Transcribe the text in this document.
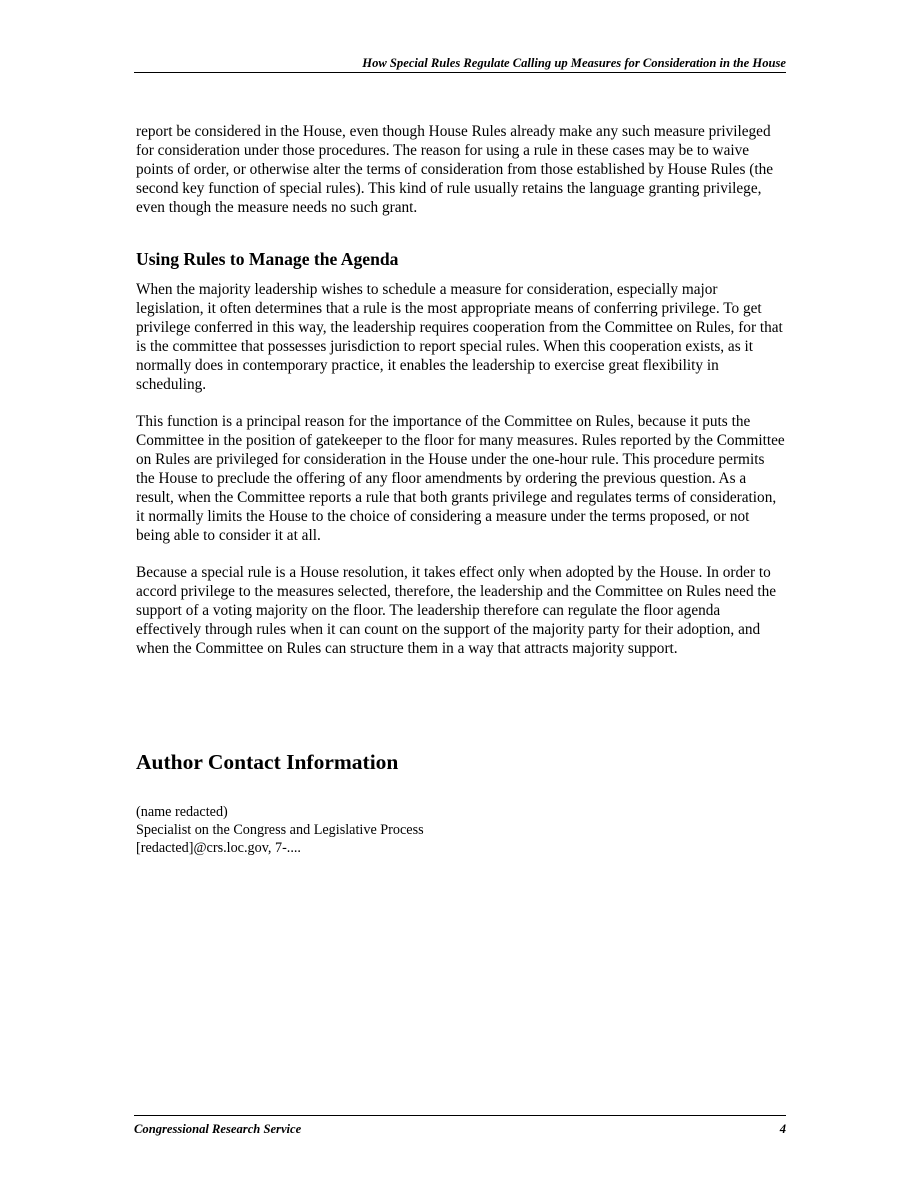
How Special Rules Regulate Calling up Measures for Consideration in the House

report be considered in the House, even though House Rules already make any such measure privileged for consideration under those procedures. The reason for using a rule in these cases may be to waive points of order, or otherwise alter the terms of consideration from those established by House Rules (the second key function of special rules). This kind of rule usually retains the language granting privilege, even though the measure needs no such grant.

Using Rules to Manage the Agenda

When the majority leadership wishes to schedule a measure for consideration, especially major legislation, it often determines that a rule is the most appropriate means of conferring privilege. To get privilege conferred in this way, the leadership requires cooperation from the Committee on Rules, for that is the committee that possesses jurisdiction to report special rules. When this cooperation exists, as it normally does in contemporary practice, it enables the leadership to exercise great flexibility in scheduling.

This function is a principal reason for the importance of the Committee on Rules, because it puts the Committee in the position of gatekeeper to the floor for many measures. Rules reported by the Committee on Rules are privileged for consideration in the House under the one-hour rule. This procedure permits the House to preclude the offering of any floor amendments by ordering the previous question. As a result, when the Committee reports a rule that both grants privilege and regulates terms of consideration, it normally limits the House to the choice of considering a measure under the terms proposed, or not being able to consider it at all.

Because a special rule is a House resolution, it takes effect only when adopted by the House. In order to accord privilege to the measures selected, therefore, the leadership and the Committee on Rules need the support of a voting majority on the floor. The leadership therefore can regulate the floor agenda effectively through rules when it can count on the support of the majority party for their adoption, and when the Committee on Rules can structure them in a way that attracts majority support.

Author Contact Information
(name redacted)
Specialist on the Congress and Legislative Process
[redacted]@crs.loc.gov, 7-....
Congressional Research Service	4
